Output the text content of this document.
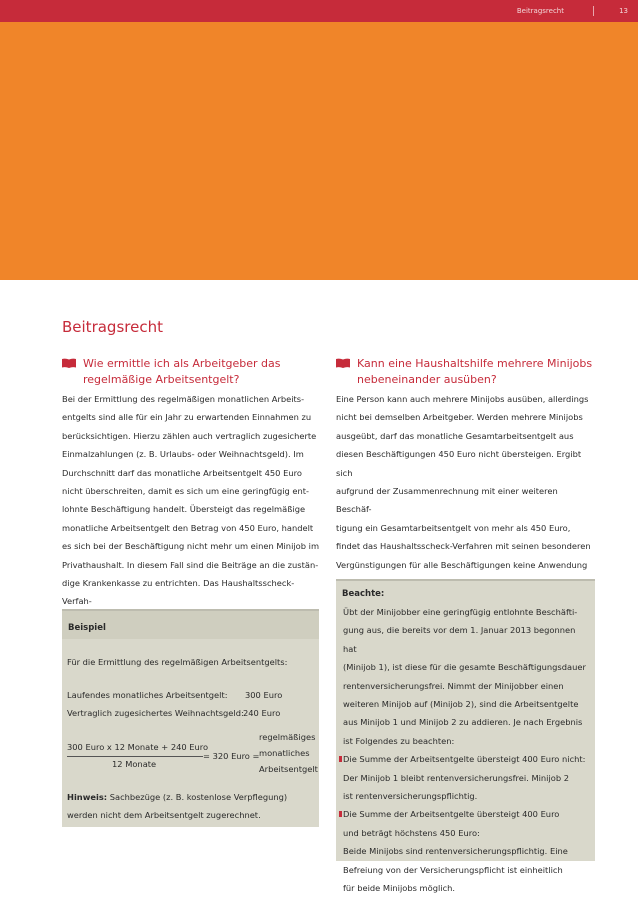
Beitragsrecht	13
Beitragsrecht
Wie ermittle ich als Arbeitgeber das regelmäßige Arbeitsentgelt?
Bei der Ermittlung des regelmäßigen monatlichen Arbeits-
entgelts sind alle für ein Jahr zu erwartenden Einnahmen zu
berücksichtigen. Hierzu zählen auch vertraglich zugesicherte
Einmalzahlungen (z. B. Urlaubs- oder Weihnachtsgeld). Im
Durchschnitt darf das monatliche Arbeitsentgelt 450 Euro
nicht überschreiten, damit es sich um eine geringfügig ent-
lohnte Beschäftigung handelt. Übersteigt das regelmäßige
monatliche Arbeitsentgelt den Betrag von 450 Euro, handelt
es sich bei der Beschäftigung nicht mehr um einen Minijob im
Privathaushalt. In diesem Fall sind die Beiträge an die zustän-
dige Krankenkasse zu entrichten. Das Haushaltsscheck-Verfah-

Kann eine Haushaltshilfe mehrere Minijobs nebeneinander ausüben?
Eine Person kann auch mehrere Minijobs ausüben, allerdings
nicht bei demselben Arbeitgeber. Werden mehrere Minijobs
ausgeübt, darf das monatliche Gesamtarbeitsentgelt aus
diesen Beschäftigungen 450 Euro nicht übersteigen. Ergibt sich
aufgrund der Zusammenrechnung mit einer weiteren Beschäf-
tigung ein Gesamtarbeitsentgelt von mehr als 450 Euro,
findet das Haushaltsscheck-Verfahren mit seinen besonderen
Vergünstigungen für alle Beschäftigungen keine Anwendung

Beispiel
Für die Ermittlung des regelmäßigen Arbeitsentgelts:
Laufendes monatliches Arbeitsentgelt: 300 Euro
Vertraglich zugesichertes Weihnachtsgeld: 240 Euro
300 Euro x 12 Monate + 240 Euro
12 Monate
= 320 Euro =
regelmäßiges
monatliches
Arbeitsentgelt
Hinweis: Sachbezüge (z. B. kostenlose Verpflegung)
werden nicht dem Arbeitsentgelt zugerechnet.
Beachte:
Übt der Minijobber eine geringfügig entlohnte Beschäfti-
gung aus, die bereits vor dem 1. Januar 2013 begonnen hat
(Minijob 1), ist diese für die gesamte Beschäftigungsdauer
rentenversicherungsfrei. Nimmt der Minijobber einen
weiteren Minijob auf (Minijob 2), sind die Arbeitsentgelte
aus Minijob 1 und Minijob 2 zu addieren. Je nach Ergebnis
ist Folgendes zu beachten:
Die Summe der Arbeitsentgelte übersteigt 400 Euro nicht:
Der Minijob 1 bleibt rentenversicherungsfrei. Minijob 2
ist rentenversicherungspflichtig.
Die Summe der Arbeitsentgelte übersteigt 400 Euro
und beträgt höchstens 450 Euro:
Beide Minijobs sind rentenversicherungspflichtig. Eine
Befreiung von der Versicherungspflicht ist einheitlich
für beide Minijobs möglich.
